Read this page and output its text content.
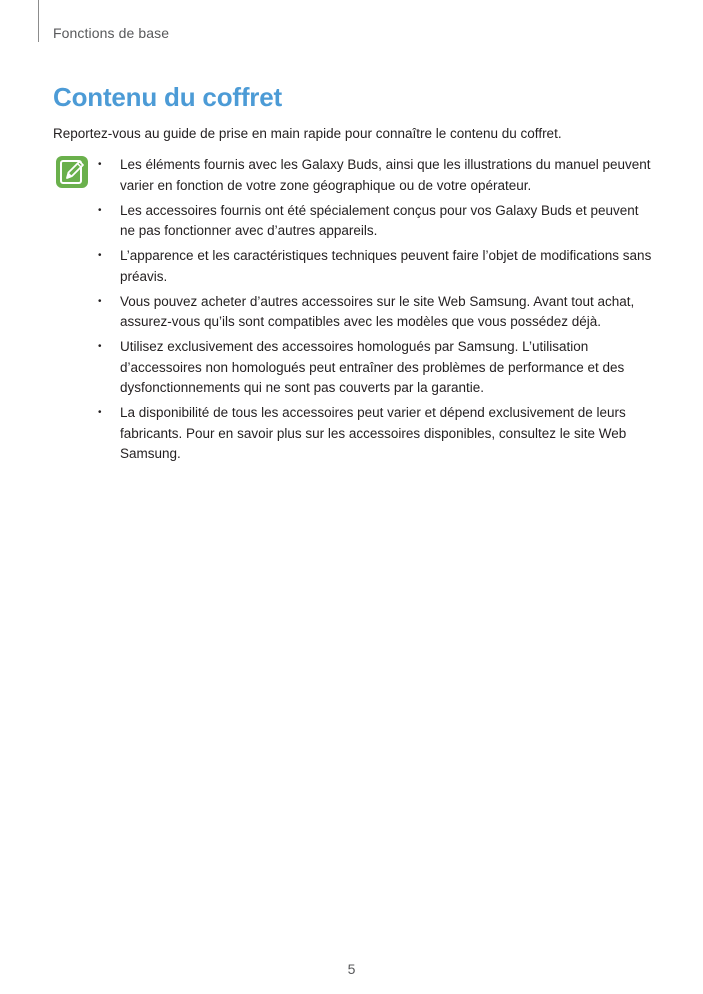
Fonctions de base
Contenu du coffret
Reportez-vous au guide de prise en main rapide pour connaître le contenu du coffret.
•	Les éléments fournis avec les Galaxy Buds, ainsi que les illustrations du manuel peuvent varier en fonction de votre zone géographique ou de votre opérateur.
•	Les accessoires fournis ont été spécialement conçus pour vos Galaxy Buds et peuvent ne pas fonctionner avec d’autres appareils.
•	L’apparence et les caractéristiques techniques peuvent faire l’objet de modifications sans préavis.
•	Vous pouvez acheter d’autres accessoires sur le site Web Samsung. Avant tout achat, assurez-vous qu’ils sont compatibles avec les modèles que vous possédez déjà.
•	Utilisez exclusivement des accessoires homologués par Samsung. L’utilisation d’accessoires non homologués peut entraîner des problèmes de performance et des dysfonctionnements qui ne sont pas couverts par la garantie.
•	La disponibilité de tous les accessoires peut varier et dépend exclusivement de leurs fabricants. Pour en savoir plus sur les accessoires disponibles, consultez le site Web Samsung.
5
